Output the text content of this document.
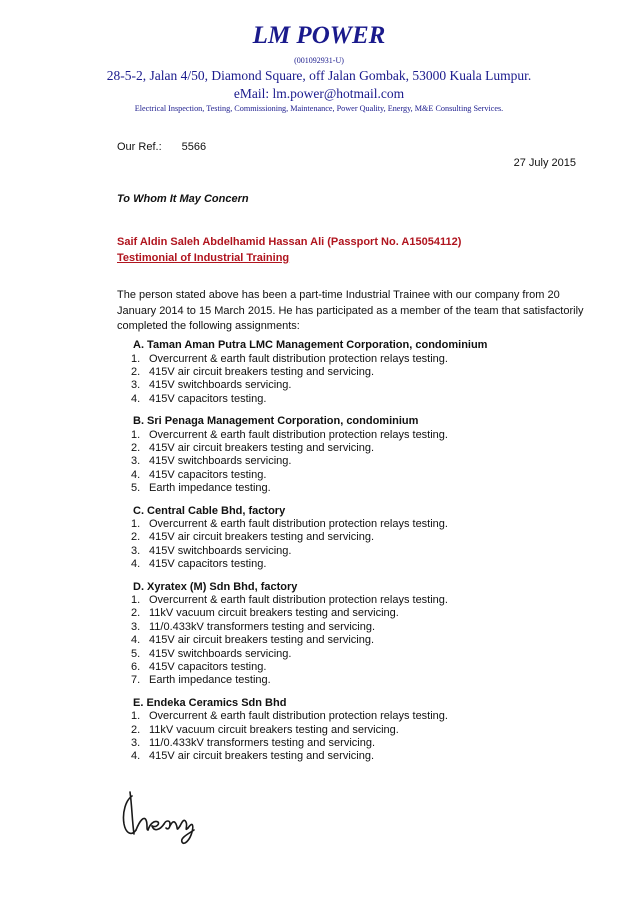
LM POWER
(001092931-U)
28-5-2, Jalan 4/50, Diamond Square, off Jalan Gombak, 53000 Kuala Lumpur.
eMail: lm.power@hotmail.com
Electrical Inspection, Testing, Commissioning, Maintenance, Power Quality, Energy, M&E Consulting Services.
Our Ref.: 5566
27 July 2015
To Whom It May Concern
Saif Aldin Saleh Abdelhamid Hassan Ali (Passport No. A15054112)
Testimonial of Industrial Training
The person stated above has been a part-time Industrial Trainee with our company from 20 January 2014 to 15 March 2015. He has participated as a member of the team that satisfactorily completed the following assignments:
A. Taman Aman Putra LMC Management Corporation, condominium
1. Overcurrent & earth fault distribution protection relays testing.
2. 415V air circuit breakers testing and servicing.
3. 415V switchboards servicing.
4. 415V capacitors testing.
B. Sri Penaga Management Corporation, condominium
1. Overcurrent & earth fault distribution protection relays testing.
2. 415V air circuit breakers testing and servicing.
3. 415V switchboards servicing.
4. 415V capacitors testing.
5. Earth impedance testing.
C. Central Cable Bhd, factory
1. Overcurrent & earth fault distribution protection relays testing.
2. 415V air circuit breakers testing and servicing.
3. 415V switchboards servicing.
4. 415V capacitors testing.
D. Xyratex (M) Sdn Bhd, factory
1. Overcurrent & earth fault distribution protection relays testing.
2. 11kV vacuum circuit breakers testing and servicing.
3. 11/0.433kV transformers testing and servicing.
4. 415V air circuit breakers testing and servicing.
5. 415V switchboards servicing.
6. 415V capacitors testing.
7. Earth impedance testing.
E. Endeka Ceramics Sdn Bhd
1. Overcurrent & earth fault distribution protection relays testing.
2. 11kV vacuum circuit breakers testing and servicing.
3. 11/0.433kV transformers testing and servicing.
4. 415V air circuit breakers testing and servicing.
